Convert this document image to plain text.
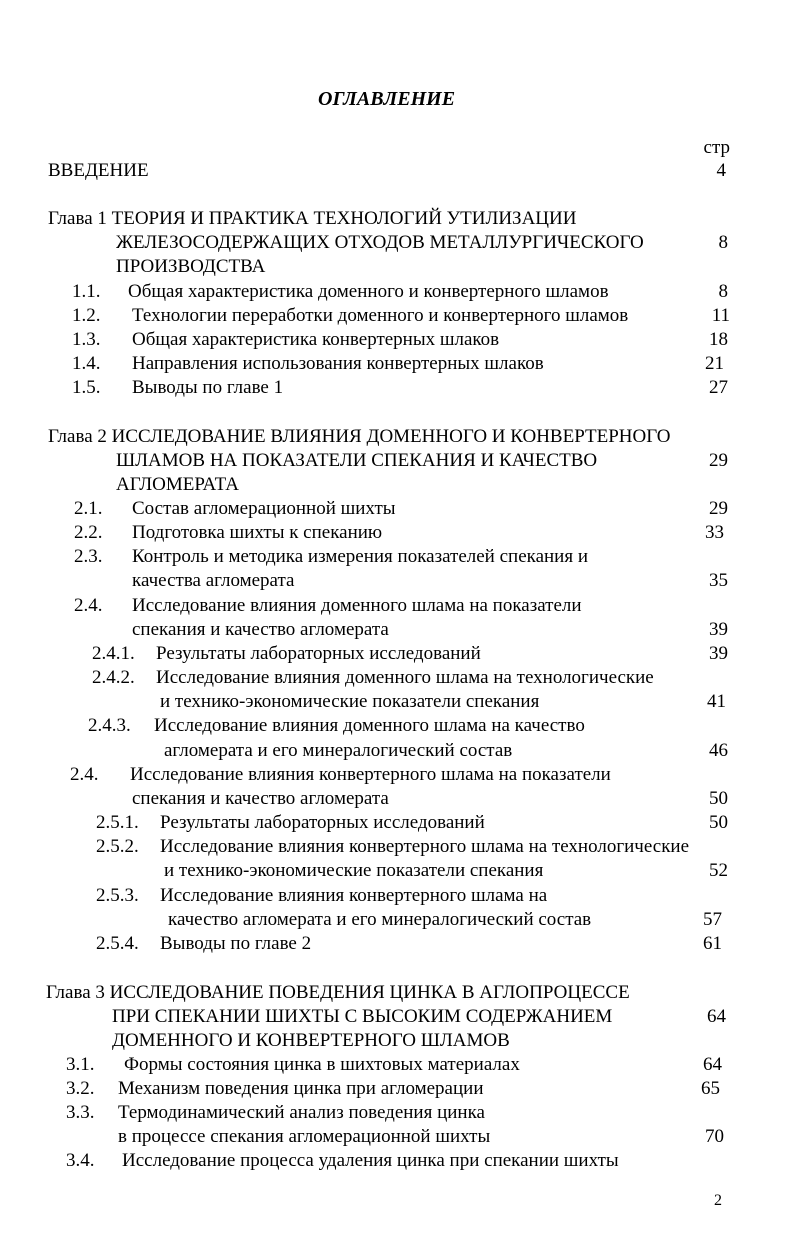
ОГЛАВЛЕНИЕ
стр
ВВЕДЕНИЕ	4
Глава 1 ТЕОРИЯ И ПРАКТИКА ТЕХНОЛОГИЙ УТИЛИЗАЦИИ
ЖЕЛЕЗОСОДЕРЖАЩИХ ОТХОДОВ МЕТАЛЛУРГИЧЕСКОГО	8
ПРОИЗВОДСТВА
1.1. Общая характеристика доменного и конвертерного шламов	8
1.2. Технологии переработки доменного и конвертерного шламов	11
1.3. Общая характеристика конвертерных шлаков	18
1.4. Направления использования конвертерных шлаков	21
1.5. Выводы по главе 1	27
Глава 2 ИССЛЕДОВАНИЕ ВЛИЯНИЯ ДОМЕННОГО И КОНВЕРТЕРНОГО
ШЛАМОВ НА ПОКАЗАТЕЛИ СПЕКАНИЯ И КАЧЕСТВО	29
АГЛОМЕРАТА
2.1. Состав агломерационной шихты	29
2.2. Подготовка шихты к спеканию	33
2.3. Контроль и методика измерения показателей спекания и
качества агломерата	35
2.4. Исследование влияния доменного шлама на показатели
спекания и качество агломерата	39
2.4.1. Результаты лабораторных исследований	39
2.4.2. Исследование влияния доменного шлама на технологические
и технико-экономические показатели спекания	41
2.4.3. Исследование влияния доменного шлама на качество
агломерата и его минералогический состав	46
2.4. Исследование влияния конвертерного шлама на показатели
спекания и качество агломерата	50
2.5.1. Результаты лабораторных исследований	50
2.5.2. Исследование влияния конвертерного шлама на технологические
и технико-экономические показатели спекания	52
2.5.3. Исследование влияния конвертерного шлама на
качество агломерата и его минералогический состав	57
2.5.4. Выводы по главе 2	61
Глава 3 ИССЛЕДОВАНИЕ ПОВЕДЕНИЯ ЦИНКА В АГЛОПРОЦЕССЕ
ПРИ СПЕКАНИИ ШИХТЫ С ВЫСОКИМ СОДЕРЖАНИЕМ	64
ДОМЕННОГО И КОНВЕРТЕРНОГО ШЛАМОВ
3.1. Формы состояния цинка в шихтовых материалах	64
3.2. Механизм поведения цинка при агломерации	65
3.3. Термодинамический анализ поведения цинка
в процессе спекания агломерационной шихты	70
3.4. Исследование процесса удаления цинка при спекании шихты
2
